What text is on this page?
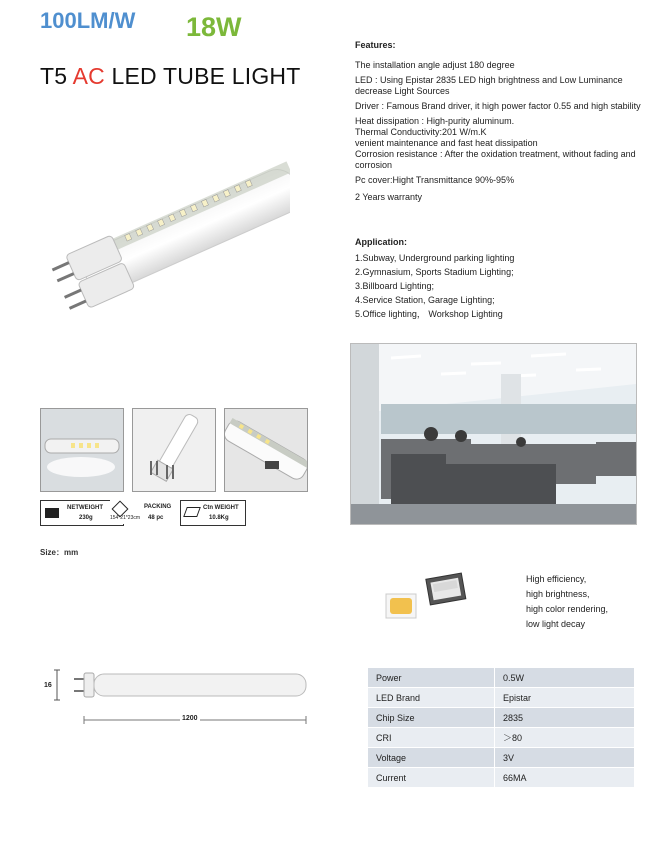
100LM/W 18W
T5 AC LED TUBE LIGHT
Features:
The installation angle adjust 180 degree
LED : Using Epistar 2835 LED high brightness and Low Luminance decrease Light Sources
Driver : Famous Brand driver, it high power factor 0.55 and high stability
Heat dissipation : High-purity aluminum.
Thermal Conductivity:201 W/m.K
venient maintenance and fast heat dissipation
Corrosion resistance : After the oxidation treatment, without fading and corrosion
Pc cover:Hight Transmittance 90%-95%
2 Years warranty
Application:
1.Subway, Underground parking lighting
2.Gymnasium, Sports Stadium Lighting;
3.Billboard Lighting;
4.Service Station, Garage Lighting;
5.Office lighting， Workshop Lighting
NETWEIGHT
230g
PACKING
154*21*23cm 48 pc
Ctn WEIGHT
10.8Kg
Size：mm
16
1200
High efficiency,
high brightness,
high color rendering,
low light decay
Power	0.5W
LED Brand	Epistar
Chip Size	2835
CRI	＞80
Voltage	3V
Current	66MA
